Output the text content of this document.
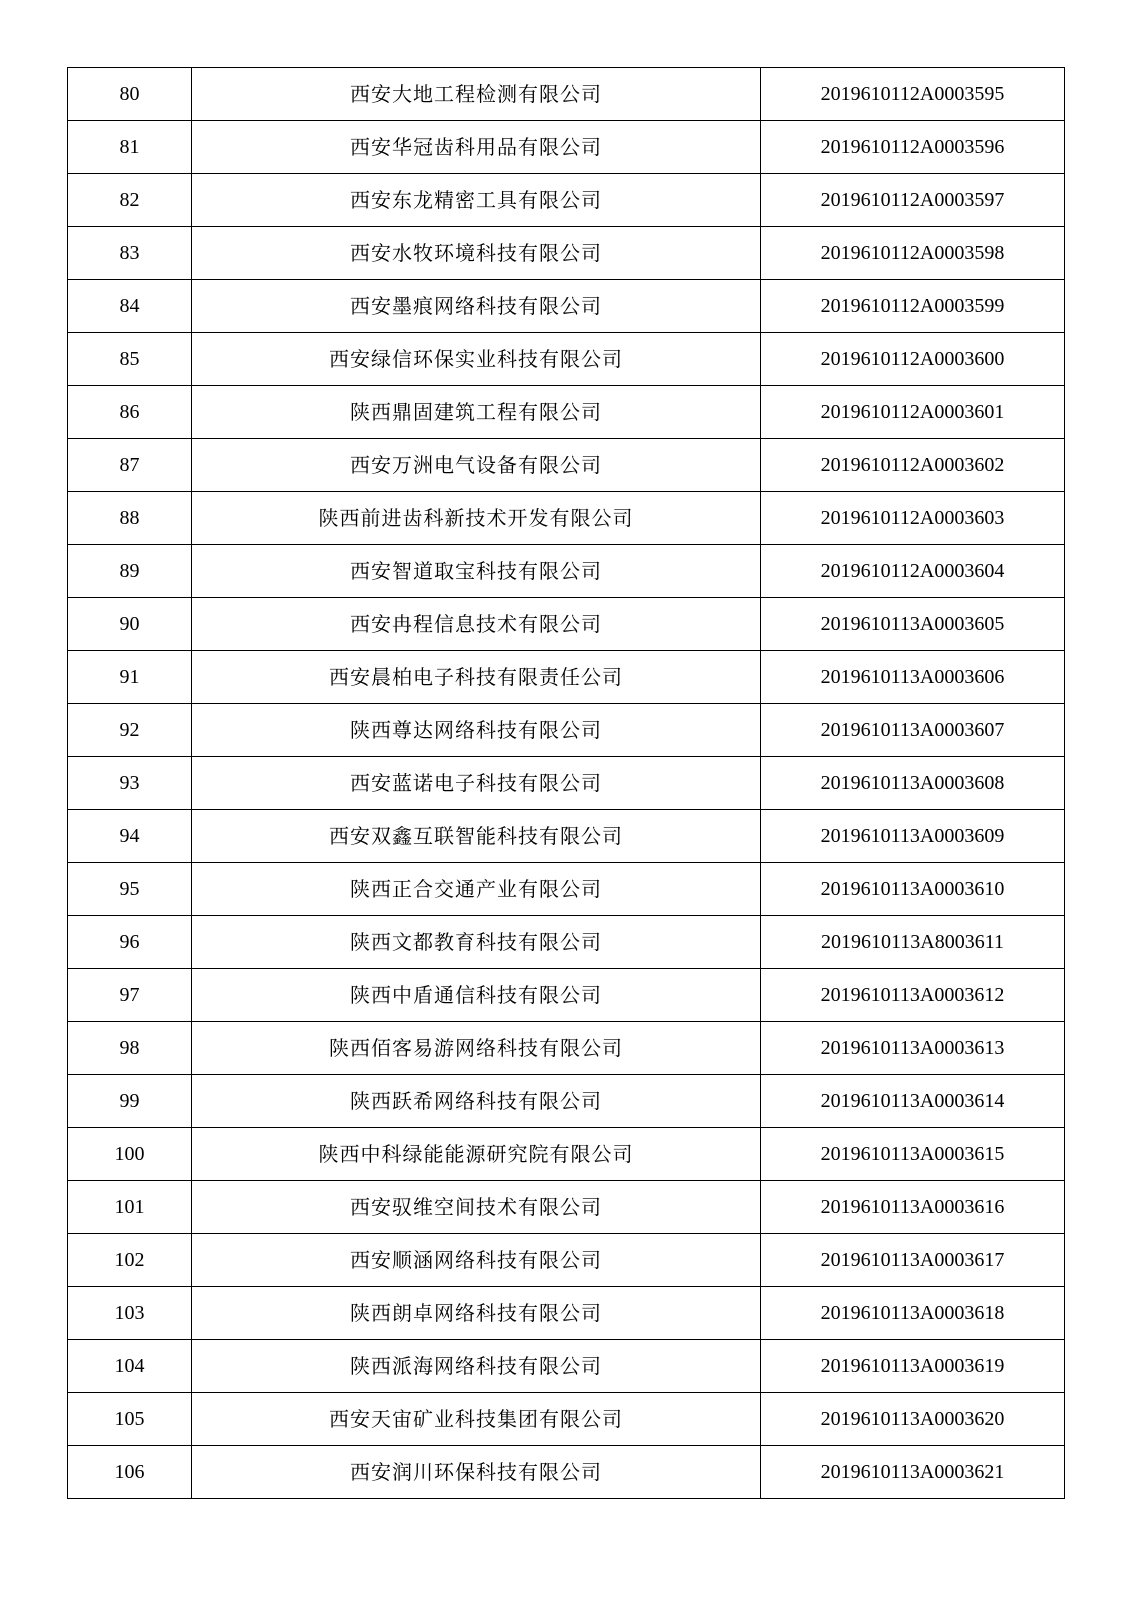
80	西安大地工程检测有限公司	2019610112A0003595
81	西安华冠齿科用品有限公司	2019610112A0003596
82	西安东龙精密工具有限公司	2019610112A0003597
83	西安水牧环境科技有限公司	2019610112A0003598
84	西安墨痕网络科技有限公司	2019610112A0003599
85	西安绿信环保实业科技有限公司	2019610112A0003600
86	陕西鼎固建筑工程有限公司	2019610112A0003601
87	西安万洲电气设备有限公司	2019610112A0003602
88	陕西前进齿科新技术开发有限公司	2019610112A0003603
89	西安智道取宝科技有限公司	2019610112A0003604
90	西安冉程信息技术有限公司	2019610113A0003605
91	西安晨柏电子科技有限责任公司	2019610113A0003606
92	陕西尊达网络科技有限公司	2019610113A0003607
93	西安蓝诺电子科技有限公司	2019610113A0003608
94	西安双鑫互联智能科技有限公司	2019610113A0003609
95	陕西正合交通产业有限公司	2019610113A0003610
96	陕西文都教育科技有限公司	2019610113A8003611
97	陕西中盾通信科技有限公司	2019610113A0003612
98	陕西佰客易游网络科技有限公司	2019610113A0003613
99	陕西跃希网络科技有限公司	2019610113A0003614
100	陕西中科绿能能源研究院有限公司	2019610113A0003615
101	西安驭维空间技术有限公司	2019610113A0003616
102	西安顺涵网络科技有限公司	2019610113A0003617
103	陕西朗卓网络科技有限公司	2019610113A0003618
104	陕西派海网络科技有限公司	2019610113A0003619
105	西安天宙矿业科技集团有限公司	2019610113A0003620
106	西安润川环保科技有限公司	2019610113A0003621
